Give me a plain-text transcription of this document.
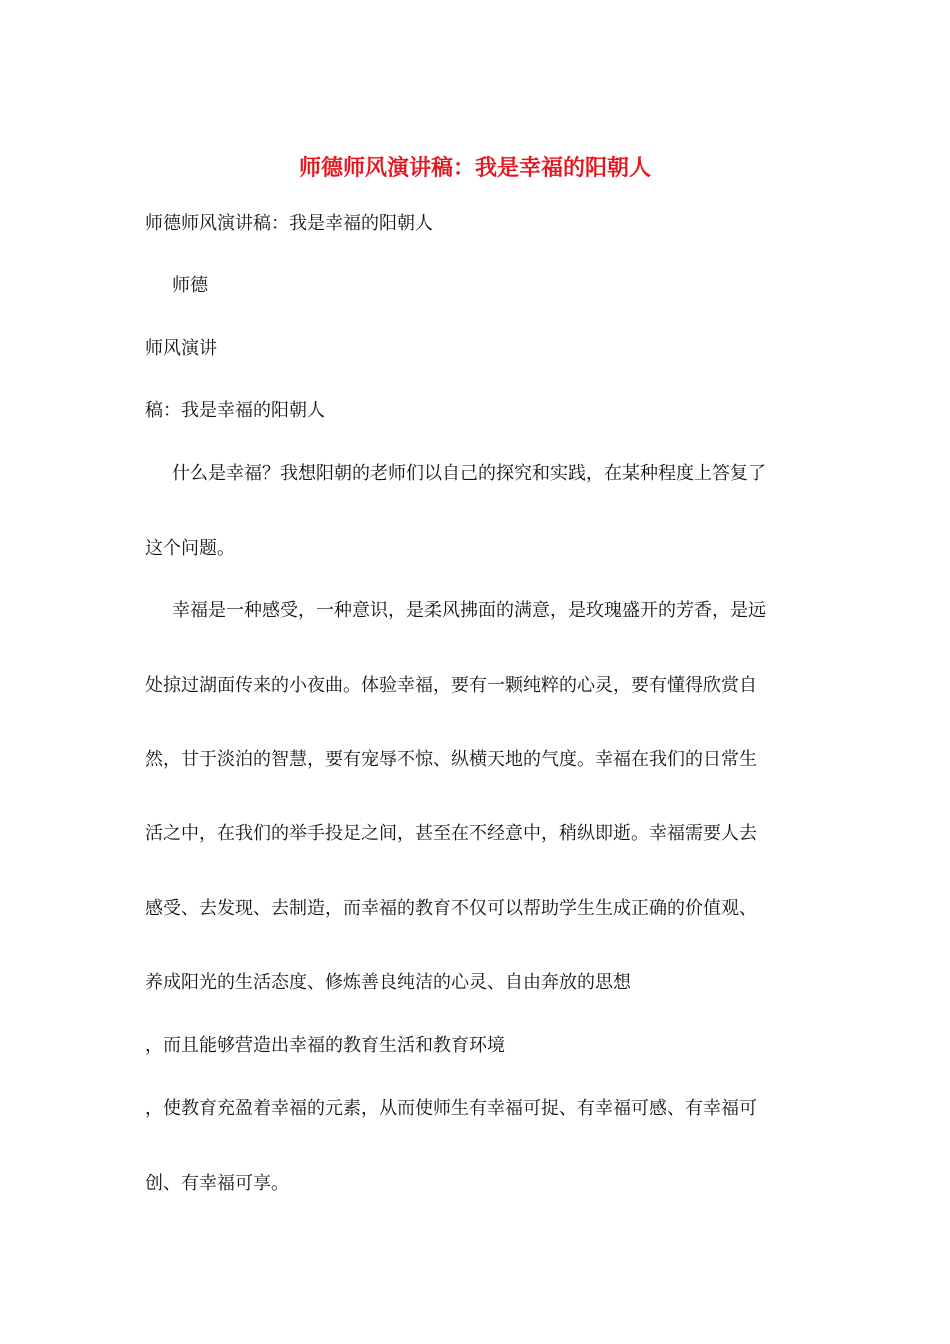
师德师风演讲稿：我是幸福的阳朝人
师德师风演讲稿：我是幸福的阳朝人
师德
师风演讲
稿：我是幸福的阳朝人
什么是幸福？我想阳朝的老师们以自己的探究和实践，在某种程度上答复了
这个问题。
幸福是一种感受，一种意识，是柔风拂面的满意，是玫瑰盛开的芳香，是远
处掠过湖面传来的小夜曲。体验幸福，要有一颗纯粹的心灵，要有懂得欣赏自
然，甘于淡泊的智慧，要有宠辱不惊、纵横天地的气度。幸福在我们的日常生
活之中，在我们的举手投足之间，甚至在不经意中，稍纵即逝。幸福需要人去
感受、去发现、去制造，而幸福的教育不仅可以帮助学生生成正确的价值观、
养成阳光的生活态度、修炼善良纯洁的心灵、自由奔放的思想
，而且能够营造出幸福的教育生活和教育环境
，使教育充盈着幸福的元素，从而使师生有幸福可捉、有幸福可感、有幸福可
创、有幸福可享。
